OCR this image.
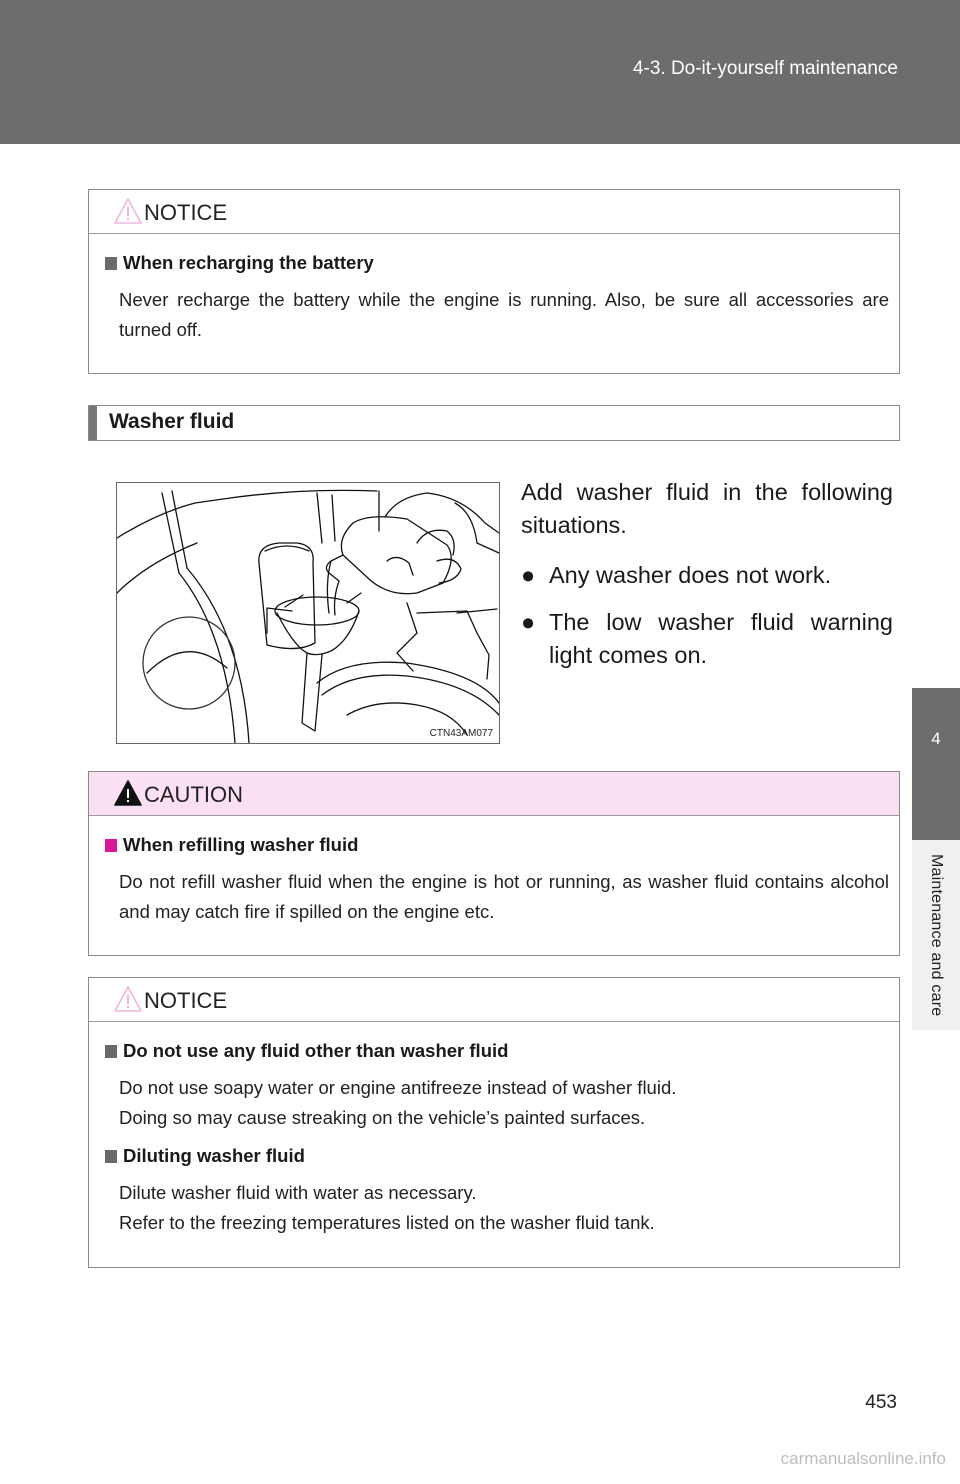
4-3. Do-it-yourself maintenance
4
Maintenance and care
NOTICE
When recharging the battery

Never recharge the battery while the engine is running. Also, be sure all accessories are turned off.

Washer fluid
CTN43AM077

Add washer fluid in the following situations.

● Any washer does not work.
● The low washer fluid warning light comes on.
CAUTION
When refilling washer fluid

Do not refill washer fluid when the engine is hot or running, as washer fluid contains alcohol and may catch fire if spilled on the engine etc.

NOTICE
Do not use any fluid other than washer fluid

Do not use soapy water or engine antifreeze instead of washer fluid.
Doing so may cause streaking on the vehicle’s painted surfaces.

Diluting washer fluid

Dilute washer fluid with water as necessary.
Refer to the freezing temperatures listed on the washer fluid tank.

453
carmanualsonline.info
